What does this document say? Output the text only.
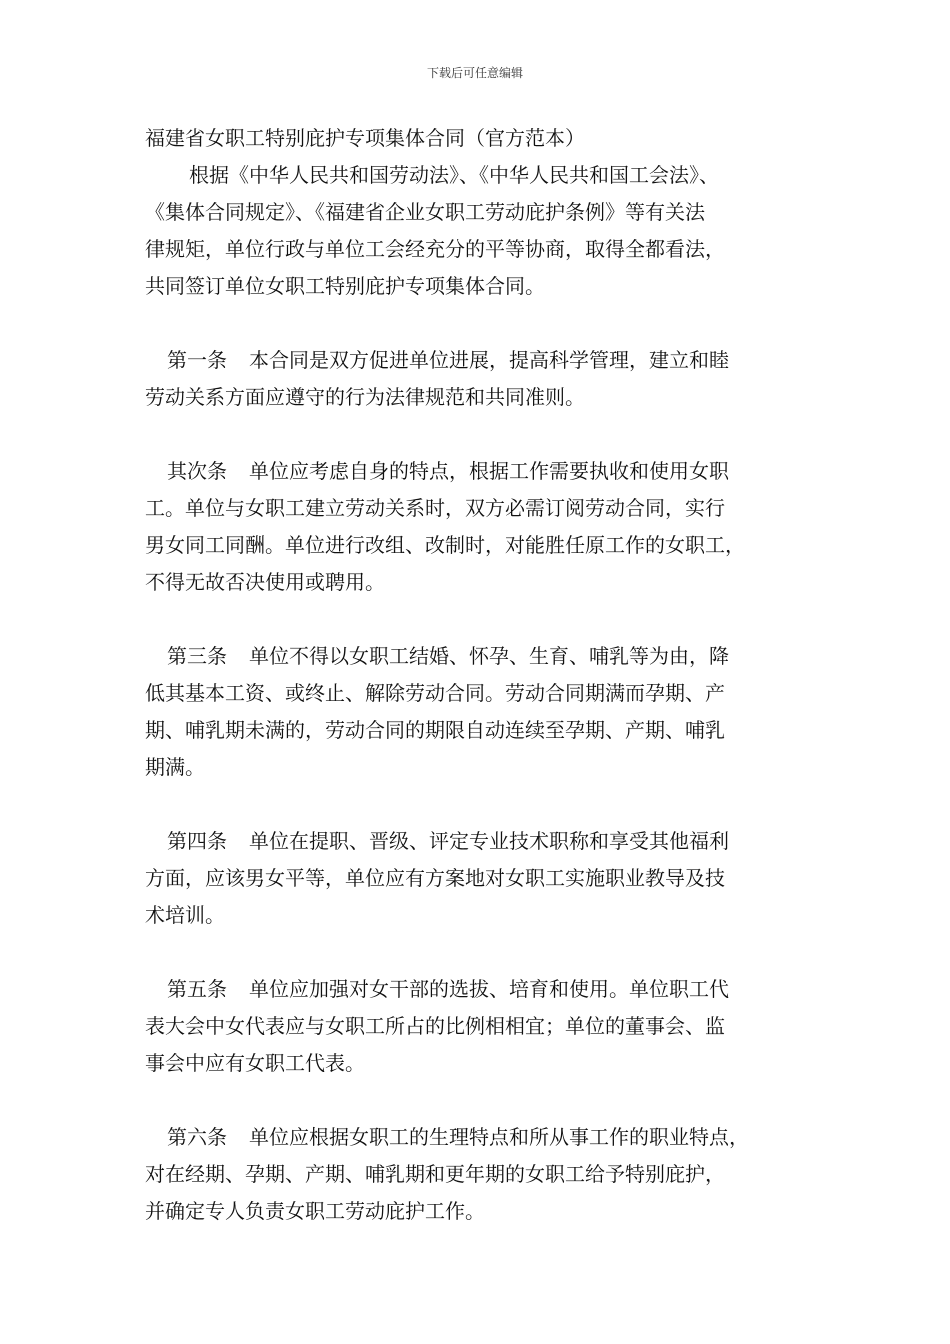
下载后可任意编辑
福建省女职工特别庇护专项集体合同（官方范本）
根据《中华人民共和国劳动法》、《中华人民共和国工会法》、
《集体合同规定》、《福建省企业女职工劳动庇护条例》等有关法
律规矩，单位行政与单位工会经充分的平等协商，取得全都看法，
共同签订单位女职工特别庇护专项集体合同。
第一条 本合同是双方促进单位进展，提高科学管理，建立和睦
劳动关系方面应遵守的行为法律规范和共同准则。
其次条 单位应考虑自身的特点，根据工作需要执收和使用女职
工。单位与女职工建立劳动关系时，双方必需订阅劳动合同，实行
男女同工同酬。单位进行改组、改制时，对能胜任原工作的女职工，
不得无故否决使用或聘用。
第三条 单位不得以女职工结婚、怀孕、生育、哺乳等为由，降
低其基本工资、或终止、解除劳动合同。劳动合同期满而孕期、产
期、哺乳期未满的，劳动合同的期限自动连续至孕期、产期、哺乳
期满。
第四条 单位在提职、晋级、评定专业技术职称和享受其他福利
方面，应该男女平等，单位应有方案地对女职工实施职业教导及技
术培训。
第五条 单位应加强对女干部的选拔、培育和使用。单位职工代
表大会中女代表应与女职工所占的比例相相宜；单位的董事会、监
事会中应有女职工代表。
第六条 单位应根据女职工的生理特点和所从事工作的职业特点，
对在经期、孕期、产期、哺乳期和更年期的女职工给予特别庇护，
并确定专人负责女职工劳动庇护工作。
